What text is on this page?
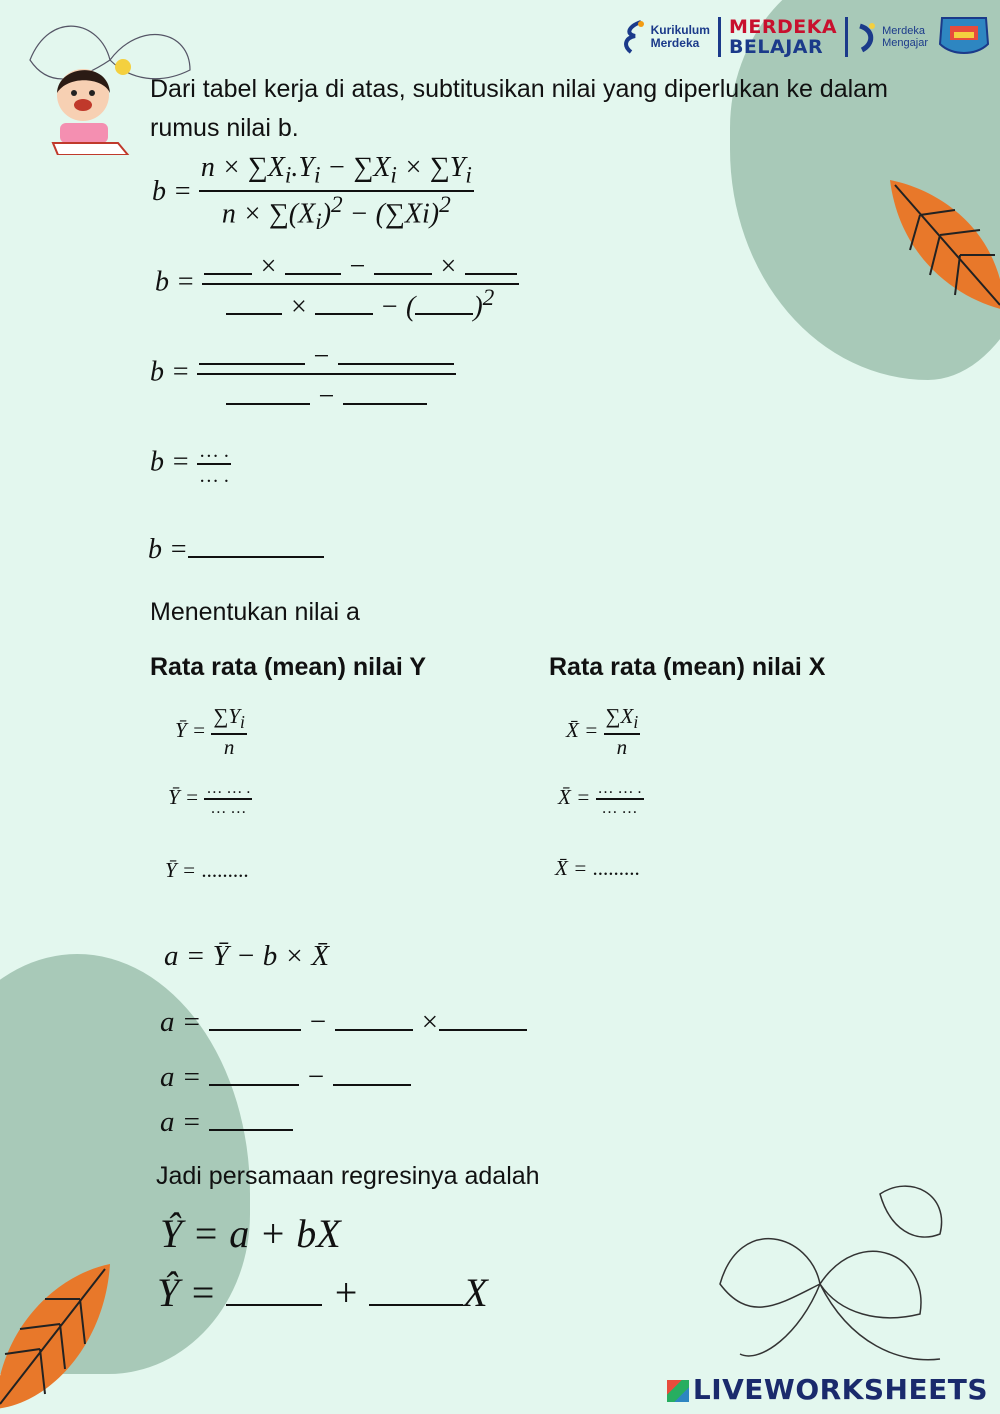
Kurikulum
Merdeka
MERDEKA
BELAJAR
Merdeka
Mengajar
Dari tabel kerja di atas, subtitusikan nilai yang diperlukan ke dalam rumus nilai b.
$b = \frac{n \times \sum X_i.Y_i - \sum X_i \times \sum Y_i}{n \times \sum(X_i)^2 - (\sum Xi)^2}$
$b = \frac{\times - \times}{\times - ( )^2}$
$b = \frac{-}{-}$
$b = \frac{\dots .}{\dots .}$
b =
Menentukan nilai a
Rata rata (mean) nilai Y	Rata rata (mean) nilai X
Ȳ = $\frac{\sum Y_i}{n}$
Ȳ = $\frac{\dots \dots .}{\dots \dots}$
Ȳ = .........
X̄ = $\frac{\sum X_i}{n}$
X̄ = $\frac{\dots \dots .}{\dots \dots}$
X̄ = .........
a = Ȳ − b × X̄
a =	−	×
a =	−
a =
Jadi persamaan regresinya adalah
Ŷ = a + bX
Ŷ =  + X
LIVEWORKSHEETS
